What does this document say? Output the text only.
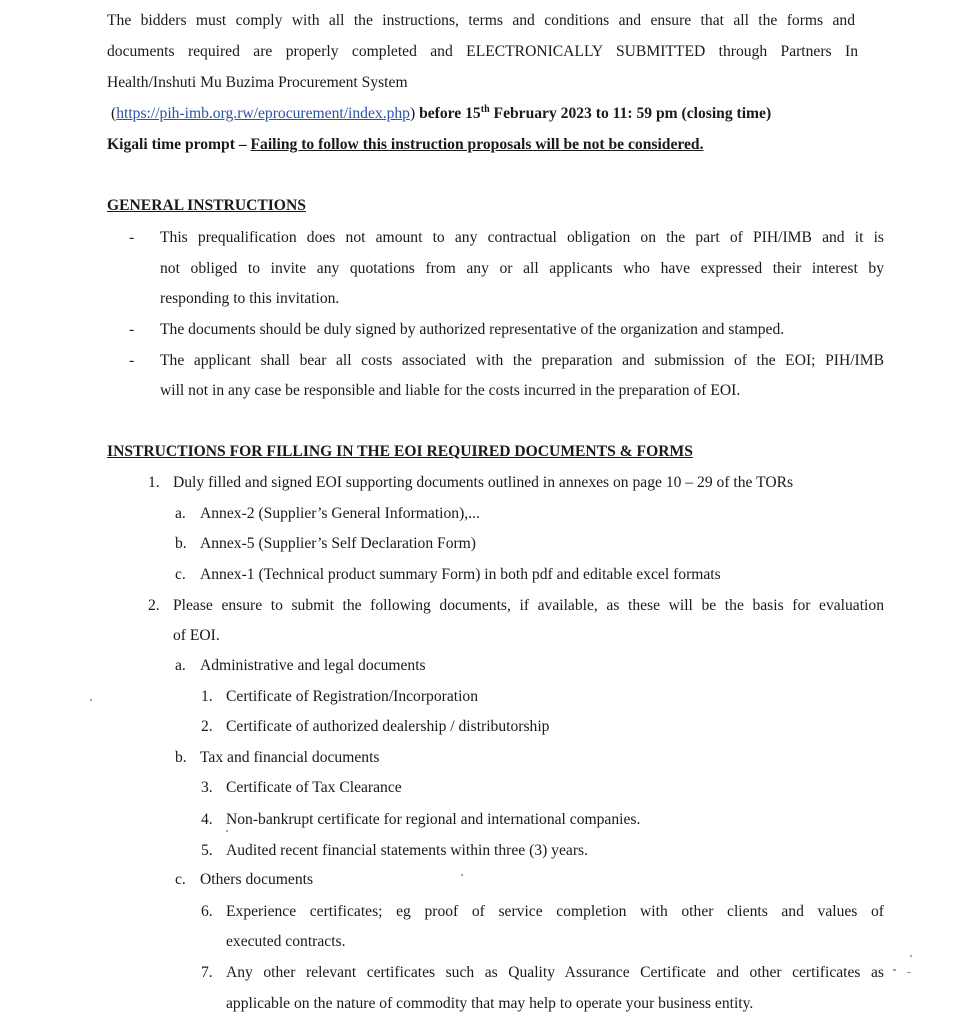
The bidders must comply with all the instructions, terms and conditions and ensure that all the forms and
documents required are properly completed and ELECTRONICALLY SUBMITTED through Partners In
Health/Inshuti Mu Buzima Procurement System
(https://pih-imb.org.rw/eprocurement/index.php) before 15th February 2023 to 11: 59 pm (closing time)
Kigali time prompt – Failing to follow this instruction proposals will be not be considered.
GENERAL INSTRUCTIONS
- This prequalification does not amount to any contractual obligation on the part of PIH/IMB and it is
not obliged to invite any quotations from any or all applicants who have expressed their interest by
responding to this invitation.
- The documents should be duly signed by authorized representative of the organization and stamped.
- The applicant shall bear all costs associated with the preparation and submission of the EOI; PIH/IMB
will not in any case be responsible and liable for the costs incurred in the preparation of EOI.
INSTRUCTIONS FOR FILLING IN THE EOI REQUIRED DOCUMENTS & FORMS
1. Duly filled and signed EOI supporting documents outlined in annexes on page 10 – 29 of the TORs
a. Annex-2 (Supplier’s General Information),...
b. Annex-5 (Supplier’s Self Declaration Form)
c. Annex-1 (Technical product summary Form) in both pdf and editable excel formats
2. Please ensure to submit the following documents, if available, as these will be the basis for evaluation
of EOI.
a. Administrative and legal documents
1. Certificate of Registration/Incorporation
2. Certificate of authorized dealership / distributorship
b. Tax and financial documents
3. Certificate of Tax Clearance
4. Non-bankrupt certificate for regional and international companies.
5. Audited recent financial statements within three (3) years.
c. Others documents
6. Experience certificates; eg proof of service completion with other clients and values of
executed contracts.
7. Any other relevant certificates such as Quality Assurance Certificate and other certificates as
applicable on the nature of commodity that may help to operate your business entity.
